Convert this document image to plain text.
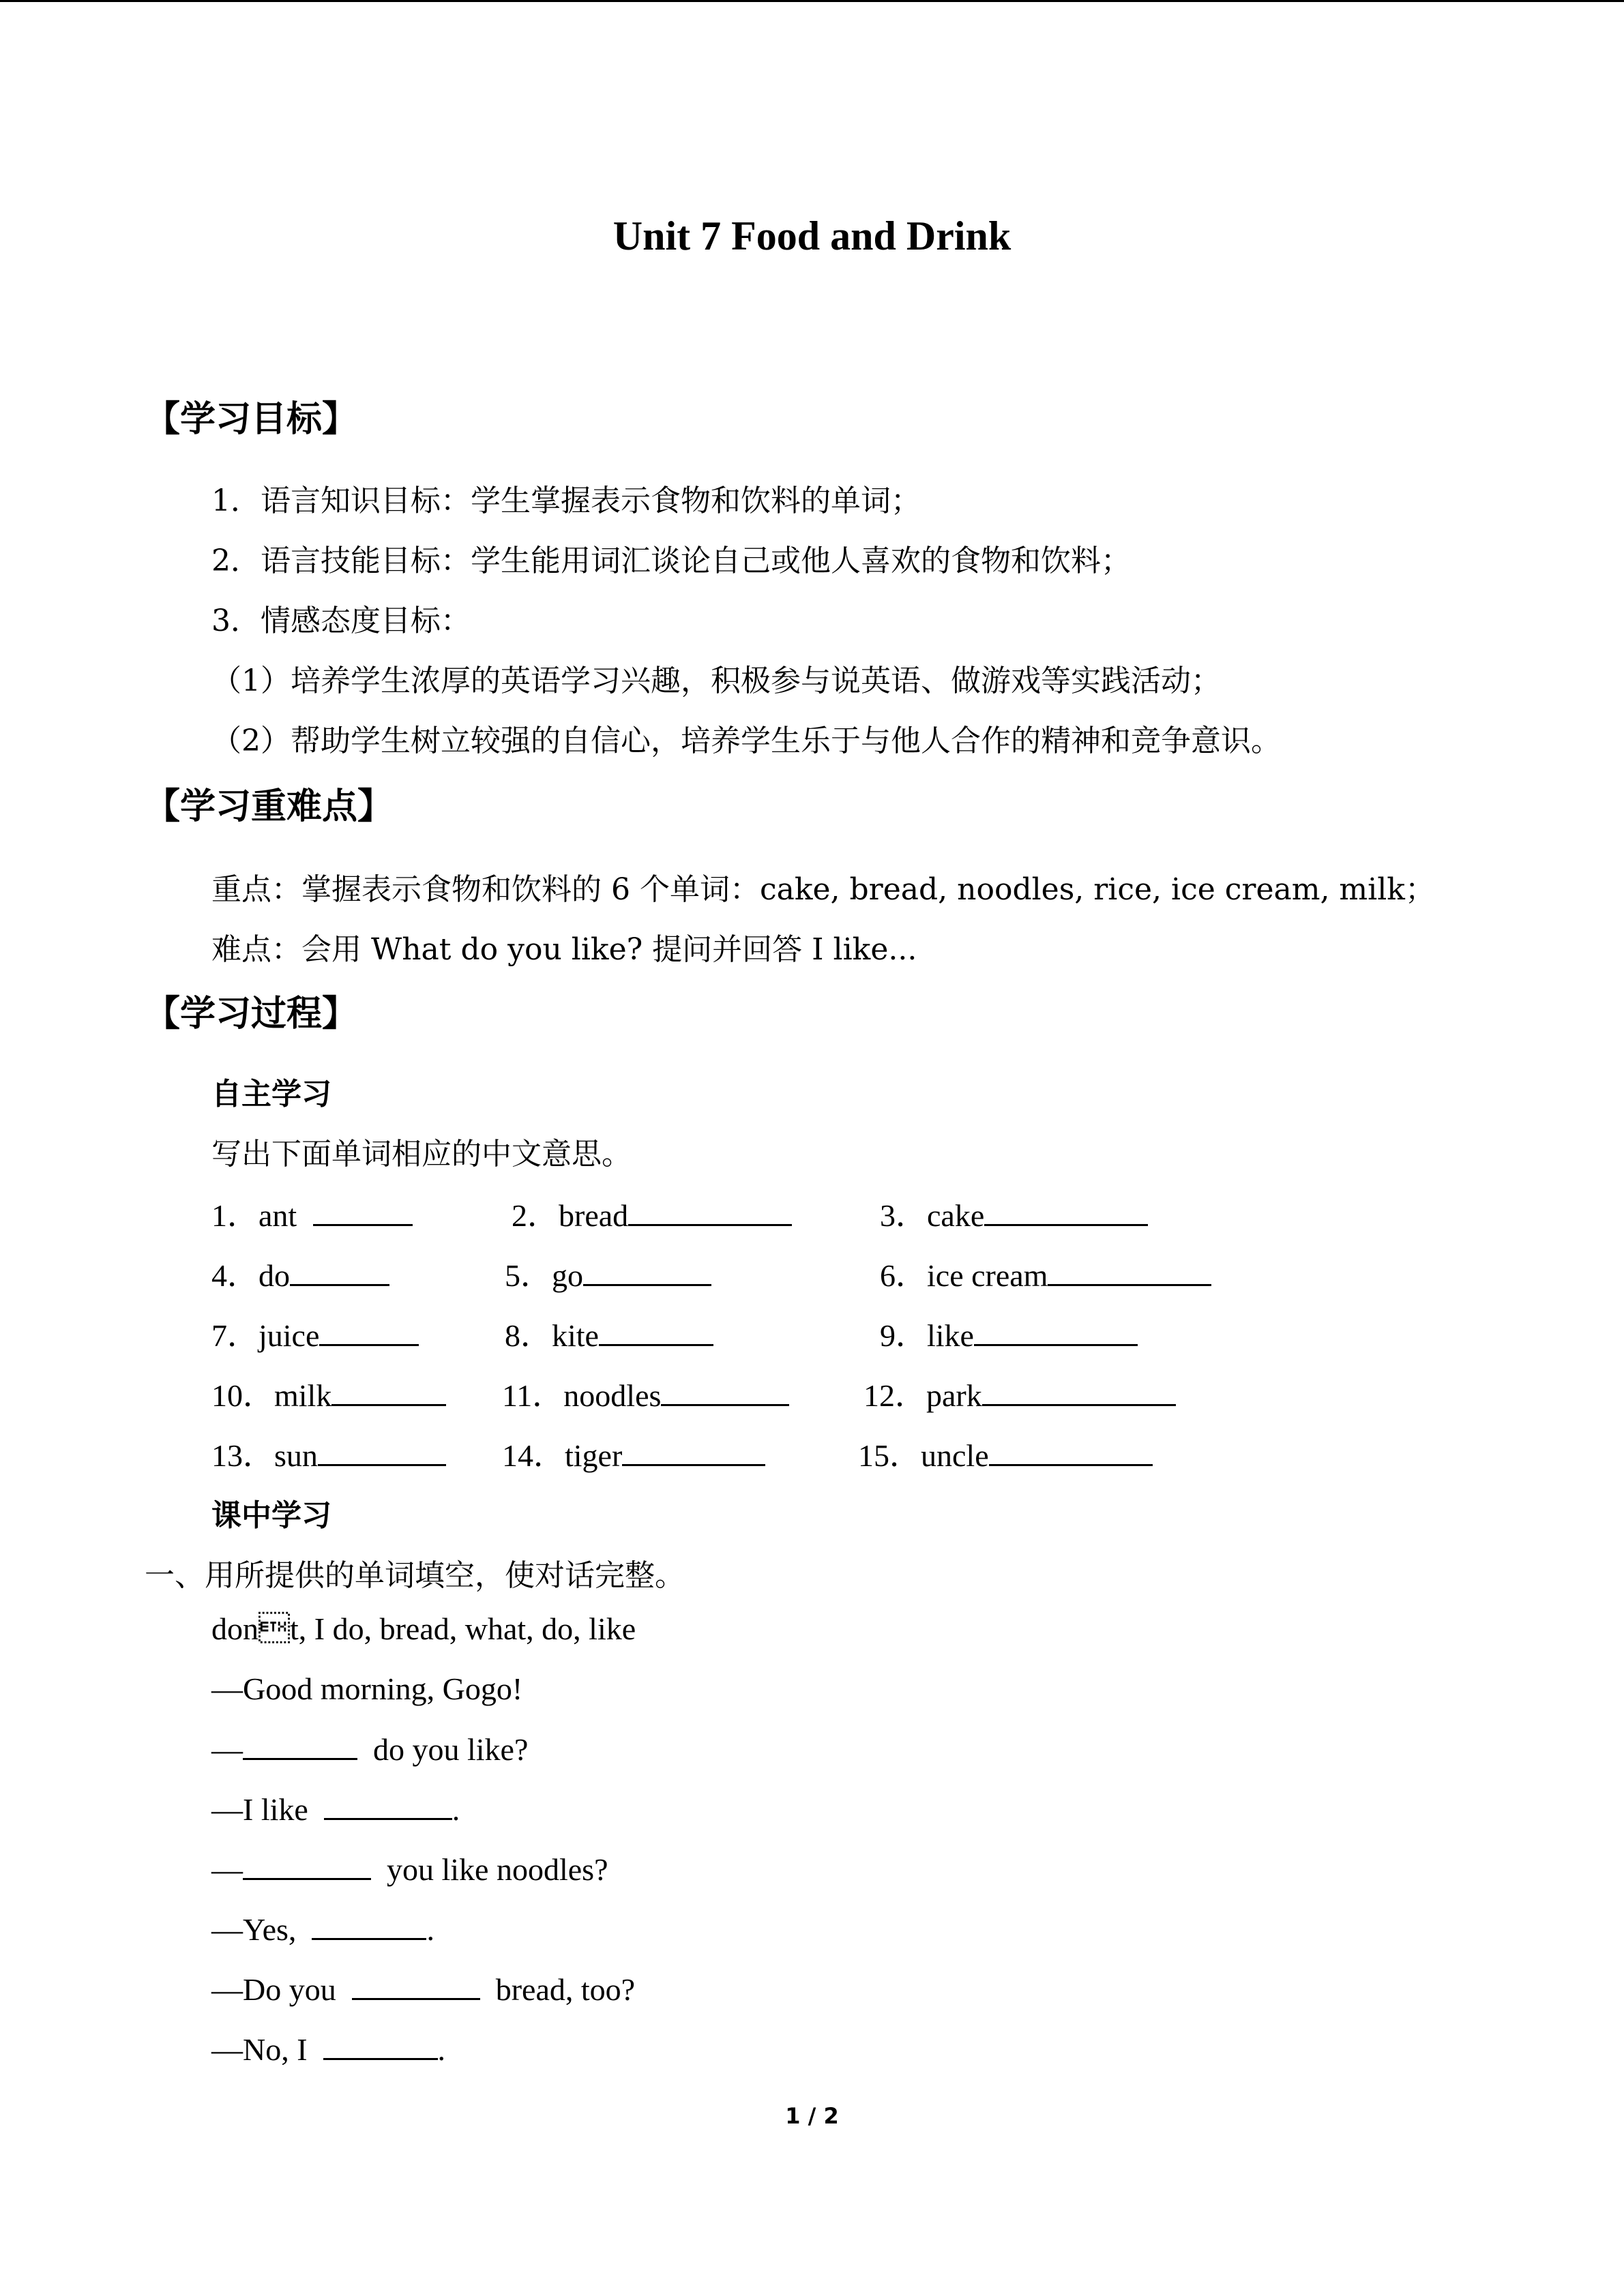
Unit 7 Food and Drink
【学习目标】
1．语言知识目标：学生掌握表示食物和饮料的单词；
2．语言技能目标：学生能用词汇谈论自己或他人喜欢的食物和饮料；
3．情感态度目标：
（1）培养学生浓厚的英语学习兴趣，积极参与说英语、做游戏等实践活动；
（2）帮助学生树立较强的自信心，培养学生乐于与他人合作的精神和竞争意识。
【学习重难点】
重点：掌握表示食物和饮料的 6 个单词：cake, bread, noodles, rice, ice cream, milk；
难点：会用 What do you like? 提问并回答 I like...
【学习过程】
自主学习
写出下面单词相应的中文意思。
1．ant	2．bread	3．cake
4．do	5．go	6．ice cream
7．juice	8．kite	9．like
10．milk	11．noodles	12．park
13．sun	14．tiger	15．uncle
课中学习
一、用所提供的单词填空，使对话完整。
dont, I do, bread, what, do, like
—Good morning, Gogo!
—	do you like?
—I like	.
—	you like noodles?
—Yes,	.
—Do you	bread, too?
—No, I	.
1 / 2
